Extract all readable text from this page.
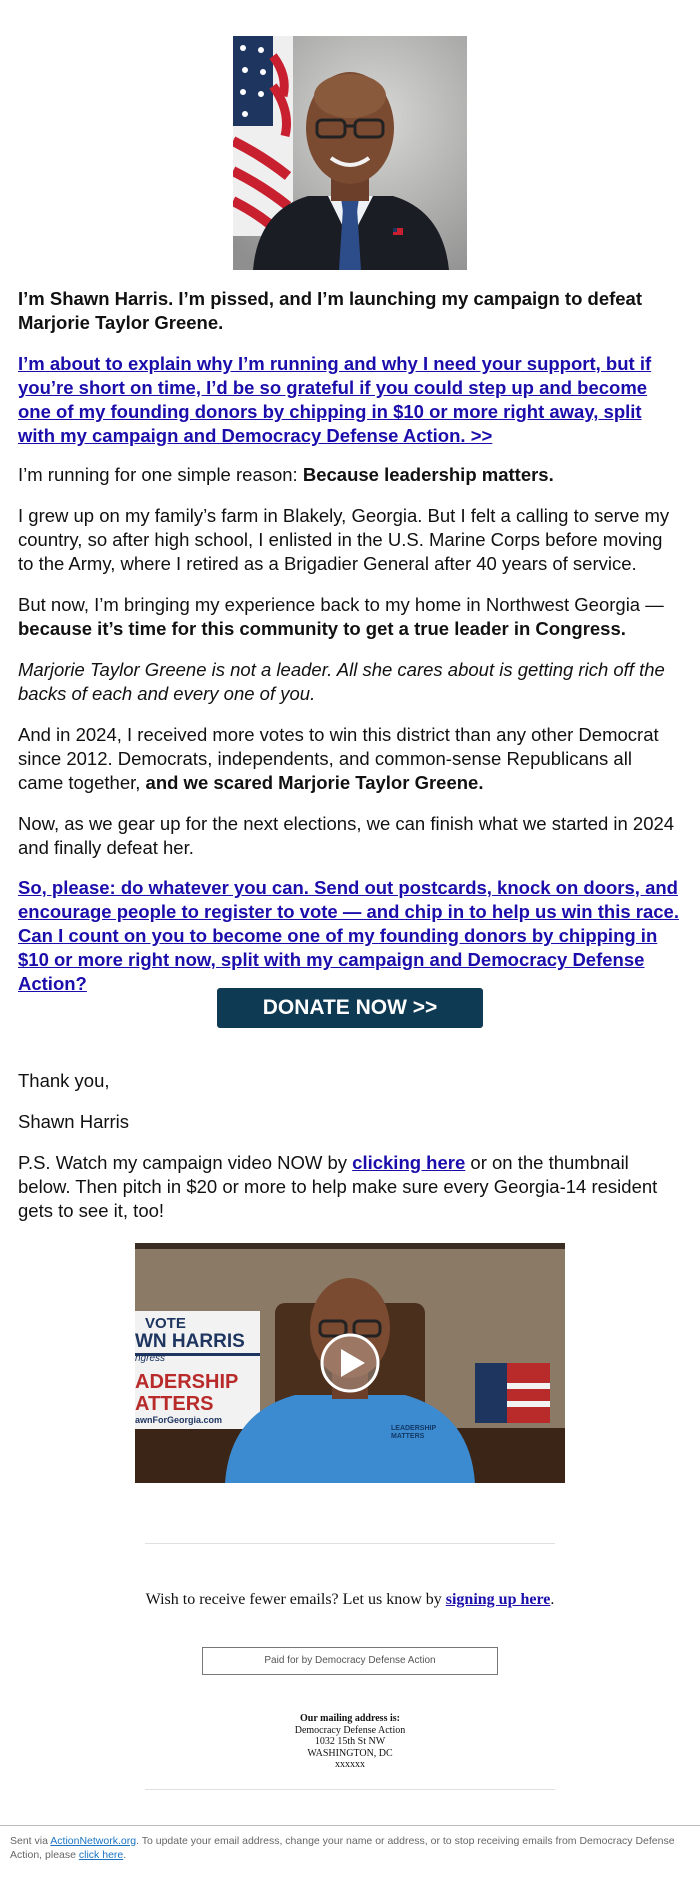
I’m Shawn Harris. I’m pissed, and I’m launching my campaign to defeat Marjorie Taylor Greene.

I’m about to explain why I’m running and why I need your support, but if you’re short on time, I’d be so grateful if you could step up and become one of my founding donors by chipping in $10 or more right away, split with my campaign and Democracy Defense Action. >>

I’m running for one simple reason: Because leadership matters.

I grew up on my family’s farm in Blakely, Georgia. But I felt a calling to serve my country, so after high school, I enlisted in the U.S. Marine Corps before moving to the Army, where I retired as a Brigadier General after 40 years of service.

But now, I’m bringing my experience back to my home in Northwest Georgia — because it’s time for this community to get a true leader in Congress.

Marjorie Taylor Greene is not a leader. All she cares about is getting rich off the backs of each and every one of you.

And in 2024, I received more votes to win this district than any other Democrat since 2012. Democrats, independents, and common-sense Republicans all came together, and we scared Marjorie Taylor Greene.

Now, as we gear up for the next elections, we can finish what we started in 2024 and finally defeat her.

So, please: do whatever you can. Send out postcards, knock on doors, and encourage people to register to vote — and chip in to help us win this race. Can I count on you to become one of my founding donors by chipping in $10 or more right now, split with my campaign and Democracy Defense Action?

DONATE NOW >>

Thank you,

Shawn Harris

P.S. Watch my campaign video NOW by clicking here or on the thumbnail below. Then pitch in $20 or more to help make sure every Georgia-14 resident gets to see it, too!

VOTE
WN HARRIS
ngress
ADERSHIP
ATTERS
awnForGeorgia.com
LEADERSHIP MATTERS
Wish to receive fewer emails? Let us know by signing up here.
Paid for by Democracy Defense Action
Our mailing address is:
Democracy Defense Action
1032 15th St NW
WASHINGTON, DC
xxxxxx
Sent via ActionNetwork.org. To update your email address, change your name or address, or to stop receiving emails from Democracy Defense Action, please click here.
